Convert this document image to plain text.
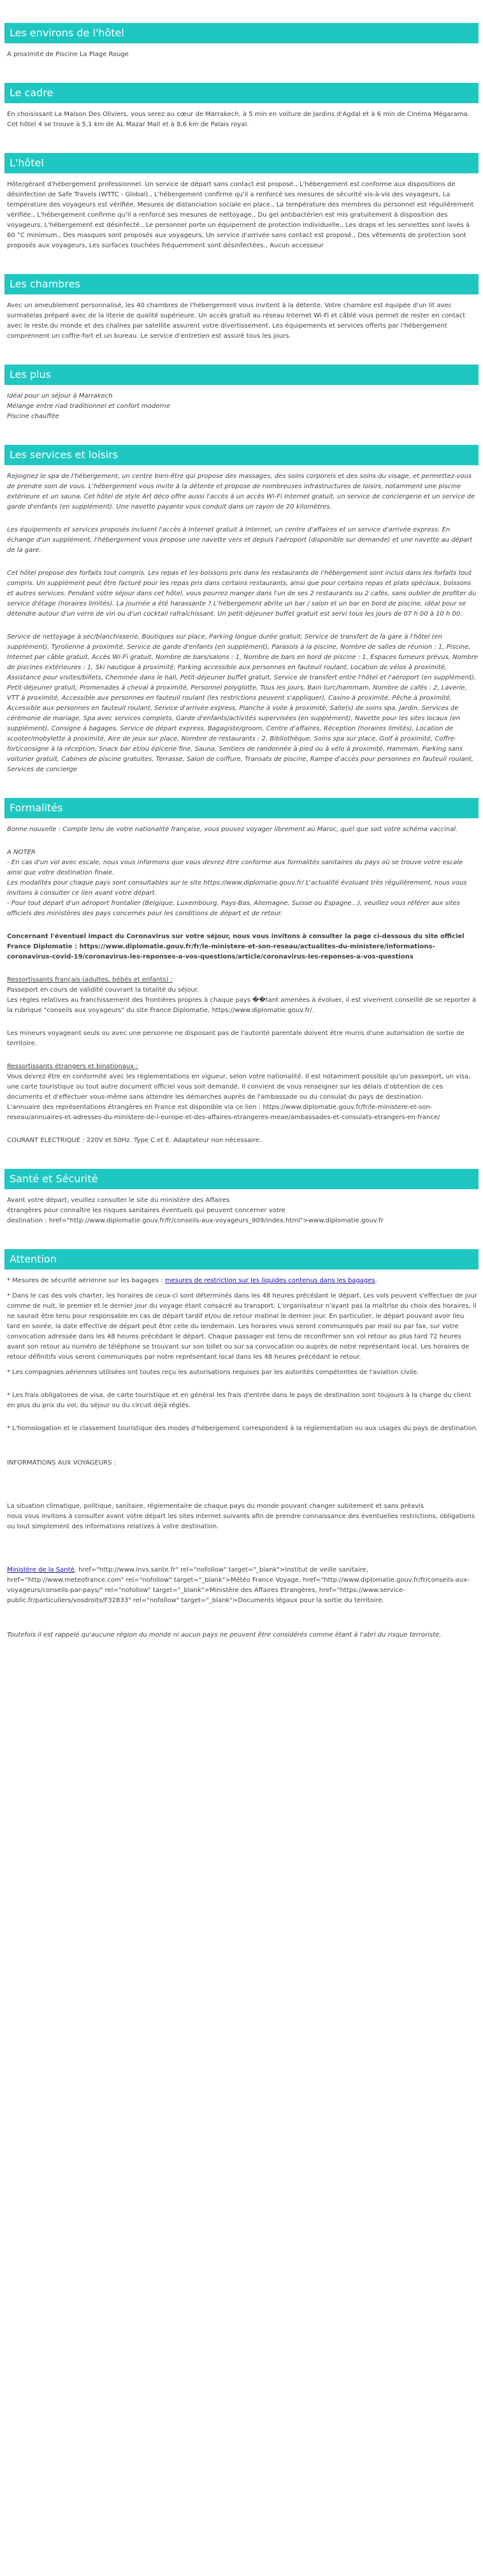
Les environs de l'hôtel

A proximité de Piscine La Plage Rouge

Le cadre

En choisissant La Maison Des Oliviers, vous serez au cœur de Marrakech, à 5 min en voiture de Jardins d'Agdal et à 6 min de Cinéma Mégarama. Cet hôtel 4 se trouve à 5,1 km de AL Mazar Mall et à 8,6 km de Palais royal.

L'hôtel

Hôte/gérant d'hébergement professionnel. Un service de départ sans contact est proposé., L'hébergement est conforme aux dispositions de désinfection de Safe Travels (WTTC - Global)., L'hébergement confirme qu'il a renforcé ses mesures de sécurité vis-à-vis des voyageurs, La température des voyageurs est vérifiée, Mesures de distanciation sociale en place., La température des membres du personnel est régulièrement vérifiée., L'hébergement confirme qu'il a renforcé ses mesures de nettoyage., Du gel antibactérien est mis gratuitement à disposition des voyageurs, L'hébergement est désinfecté., Le personnel porte un équipement de protection individuelle., Les draps et les serviettes sont lavés à 60 °C minimum., Des masques sont proposés aux voyageurs, Un service d'arrivée sans contact est proposé., Des vêtements de protection sont proposés aux voyageurs, Les surfaces touchées fréquemment sont désinfectées., Aucun accesseur

Les chambres

Avec un ameublement personnalisé, les 40 chambres de l'hébergement vous invitent à la détente. Votre chambre est équipée d'un lit avec surmatelas préparé avec de la literie de qualité supérieure. Un accès gratuit au réseau Internet Wi-Fi et câblé vous permet de rester en contact avec le reste du monde et des chaînes par satellite assurent votre divertissement. Les équipements et services offerts par l'hébergement comprennent un coffre-fort et un bureau. Le service d'entretien est assuré tous les jours.

Les plus

Idéal pour un séjour à Marrakech
Mélange entre riad traditionnel et confort moderne
Piscine chauffée

Les services et loisirs

Rejoignez le spa de l'hébergement, un centre bien-être qui propose des massages, des soins corporels et des soins du visage, et permettez-vous de prendre soin de vous. L'hébergement vous invite à la détente et propose de nombreuses infrastructures de loisirs, notamment une piscine extérieure et un sauna. Cet hôtel de style Art déco offre aussi l'accès à un accès Wi-Fi Internet gratuit, un service de conciergerie et un service de garde d'enfants (en supplément). Une navette payante vous conduit dans un rayon de 20 kilomètres.

Les équipements et services proposés incluent l'accès à Internet gratuit à Internet, un centre d'affaires et un service d'arrivée express. En échange d'un supplément, l'hébergement vous propose une navette vers et depuis l'aéroport (disponible sur demande) et une navette au départ de la gare.

Cet hôtel propose des forfaits tout compris. Les repas et les boissons pris dans les restaurants de l'hébergement sont inclus dans les forfaits tout compris. Un supplément peut être facturé pour les repas pris dans certains restaurants, ainsi que pour certains repas et plats spéciaux, boissons et autres services. Pendant votre séjour dans cet hôtel, vous pourrez manger dans l'un de ses 2 restaurants ou 2 cafés, sans oublier de profiter du service d'étage (horaires limités). La journée a été harassante ? L'hébergement abrite un bar / salon et un bar en bord de piscine, idéal pour se détendre autour d'un verre de vin ou d'un cocktail rafraîchissant. Un petit-déjeuner buffet gratuit est servi tous les jours de 07 h 00 à 10 h 00.

Service de nettoyage à sec/blanchisserie, Boutiques sur place, Parking longue durée gratuit, Service de transfert de la gare à l'hôtel (en supplément), Tyrolienne à proximité, Service de garde d'enfants (en supplément), Parasols à la piscine, Nombre de salles de réunion : 1, Piscine, Internet par câble gratuit, Accès Wi-Fi gratuit, Nombre de bars/salons : 1, Nombre de bars en bord de piscine : 1, Espaces fumeurs prévus, Nombre de piscines extérieures : 1, Ski nautique à proximité, Parking accessible aux personnes en fauteuil roulant, Location de vélos à proximité, Assistance pour visites/billets, Cheminée dans le hall, Petit-déjeuner buffet gratuit, Service de transfert entre l'hôtel et l'aéroport (en supplément), Petit-déjeuner gratuit, Promenades à cheval à proximité, Personnel polyglotte, Tous les jours, Bain turc/hammam, Nombre de cafés : 2, Laverie, VTT à proximité, Accessible aux personnes en fauteuil roulant (les restrictions peuvent s'appliquer), Casino à proximité, Pêche à proximité, Accessible aux personnes en fauteuil roulant, Service d'arrivée express, Planche à voile à proximité, Salle(s) de soins spa, Jardin, Services de cérémonie de mariage, Spa avec services complets, Garde d'enfants/activités supervisées (en supplément), Navette pour les sites locaux (en supplément), Consigne à bagages, Service de départ express, Bagagiste/groom, Centre d'affaires, Réception (horaires limités), Location de scooter/mobylette à proximité, Aire de jeux sur place, Nombre de restaurants : 2, Bibliothèque, Soins spa sur place, Golf à proximité, Coffre-fort/consigne à la réception, Snack bar et/ou épicerie fine, Sauna, Sentiers de randonnée à pied ou à vélo à proximité, Hammam, Parking sans voiturier gratuit, Cabines de piscine gratuites, Terrasse, Salon de coiffure, Transats de piscine, Rampe d'accès pour personnes en fauteuil roulant, Services de concierge

Formalités

Bonne nouvelle : Compte tenu de votre nationalité française, vous pouvez voyager librement au Maroc, quel que soit votre schéma vaccinal.

A NOTER
- En cas d'un vol avec escale, nous vous informons que vous devrez être conforme aux formalités sanitaires du pays où se trouve votre escale ainsi que votre destination finale.
Les modalités pour chaque pays sont consultables sur le site https://www.diplomatie.gouv.fr/ L'actualité évoluant très régulièrement, nous vous invitons à consulter ce lien avant votre départ.
- Pour tout départ d'un aéroport frontalier (Belgique, Luxembourg, Pays-Bas, Allemagne, Suisse ou Espagne...), veuillez vous référer aux sites officiels des ministères des pays concernés pour les conditions de départ et de retour.

Concernant l'éventuel impact du Coronavirus sur votre séjour, nous vous invitons à consulter la page ci-dessous du site officiel France Diplomatie : https://www.diplomatie.gouv.fr/fr/le-ministere-et-son-reseau/actualites-du-ministere/informations-coronavirus-covid-19/coronavirus-les-reponses-a-vos-questions/article/coronavirus-les-reponses-a-vos-questions

Ressortissants français (adultes, bébés et enfants) :
Passeport en cours de validité couvrant la totalité du séjour.
Les règles relatives au franchissement des frontières propres à chaque pays ��tant amenées à évoluer, il est vivement conseillé de se reporter à la rubrique "conseils aux voyageurs" du site France Diplomatie, https://www.diplomatie.gouv.fr/.

Les mineurs voyageant seuls ou avec une personne ne disposant pas de l'autorité parentale doivent être munis d'une autorisation de sortie de territoire.

Ressortissants étrangers et binationaux :
Vous devrez être en conformité avec les réglementations en vigueur, selon votre nationalité. Il est notamment possible qu'un passeport, un visa, une carte touristique ou tout autre document officiel vous soit demandé. Il convient de vous renseigner sur les délais d'obtention de ces documents et d'effectuer vous-même sans attendre les démarches auprès de l'ambassade ou du consulat du pays de destination.
L'annuaire des représentations étrangères en France est disponible via ce lien : https://www.diplomatie.gouv.fr/fr/le-ministere-et-son-reseau/annuaires-et-adresses-du-ministere-de-l-europe-et-des-affaires-etrangeres-meae/ambassades-et-consulats-etrangers-en-france/

COURANT ELECTRIQUE : 220V et 50Hz. Type C et E. Adaptateur non nécessaire.

Santé et Sécurité

Avant votre départ, veuillez consulter le site du ministère des Affaires
étrangères pour connaître les risques sanitaires éventuels qui peuvent concerner votre
destination : href="http://www.diplomatie.gouv.fr/fr/conseils-aux-voyageurs_909/index.html">www.diplomatie.gouv.fr

Attention

* Mesures de sécurité aérienne sur les bagages : mesures de restriction sur les liquides contenus dans les bagages.

* Dans le cas des vols charter, les horaires de ceux-ci sont déterminés dans les 48 heures précédant le départ. Les vols peuvent s'effectuer de jour comme de nuit, le premier et le dernier jour du voyage étant consacré au transport. L'organisateur n'ayant pas la maîtrise du choix des horaires, il ne saurait être tenu pour responsable en cas de départ tardif et/ou de retour matinal le dernier jour. En particulier, le départ pouvant avoir lieu tard en soirée, la date effective de départ peut être celle du lendemain. Les horaires vous seront communiqués par mail ou par fax, sur votre convocation adressée dans les 48 heures précédant le départ. Chaque passager est tenu de reconfirmer son vol retour au plus tard 72 heures avant son retour au numéro de téléphone se trouvant sur son billet ou sur sa convocation ou auprès de notre représentant local. Les horaires de retour définitifs vous seront communiqués par notre représentant local dans les 48 heures précédant le retour.

* Les compagnies aériennes utilisées ont toutes reçu les autorisations requises par les autorités compétentes de l'aviation civile.

* Les frais obligatoires de visa, de carte touristique et en général les frais d'entrée dans le pays de destination sont toujours à la charge du client en plus du prix du vol, du séjour ou du circuit déjà réglés.

* L'homologation et le classement touristique des modes d'hébergement correspondent à la réglementation ou aux usages du pays de destination.

INFORMATIONS AUX VOYAGEURS :

La situation climatique, politique, sanitaire, réglementaire de chaque pays du monde pouvant changer subitement et sans préavis
nous vous invitons à consulter avant votre départ les sites Internet suivants afin de prendre connaissance des éventuelles restrictions, obligations ou tout simplement des informations relatives à votre destination.

Ministère de la Santé, href="http://www.invs.sante.fr" rel="nofollow" target="_blank">Institut de veille sanitaire, href="http://www.meteofrance.com" rel="nofollow" target="_blank">Météo France Voyage, href="http://www.diplomatie.gouv.fr/fr/conseils-aux-voyageurs/conseils-par-pays/" rel="nofollow" target="_blank">Ministère des Affaires Etrangères, href="https://www.service-public.fr/particuliers/vosdroits/F32833" rel="nofollow" target="_blank">Documents légaux pour la sortie du territoire.

Toutefois il est rappelé qu'aucune région du monde ni aucun pays ne peuvent être considérés comme étant à l'abri du risque terroriste.
